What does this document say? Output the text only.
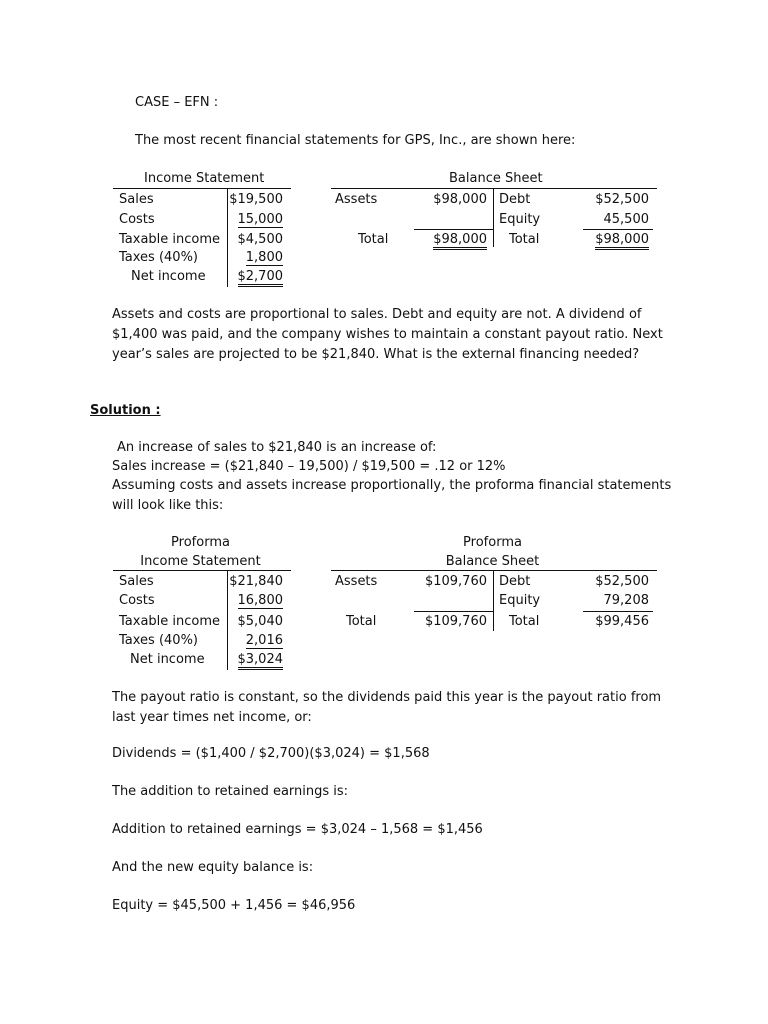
CASE – EFN :
The most recent financial statements for GPS, Inc., are shown here:
Income Statement
Sales	$19,500
Costs	15,000
Taxable income	$4,500
Taxes (40%)	1,800
Net income	$2,700
Balance Sheet
Assets	$98,000 Debt	$52,500
Equity	45,500
Total	$98,000 Total	$98,000
Assets and costs are proportional to sales. Debt and equity are not. A dividend of $1,400 was paid, and the company wishes to maintain a constant payout ratio. Next year’s sales are projected to be $21,840. What is the external financing needed?
Solution :
An increase of sales to $21,840 is an increase of:
Sales increase = ($21,840 – 19,500) / $19,500 = .12 or 12%
Assuming costs and assets increase proportionally, the proforma financial statements will look like this:
Proforma
Income Statement
Sales	$21,840
Costs	16,800
Taxable income	$5,040
Taxes (40%)	2,016
Net income	$3,024
Proforma
Balance Sheet
Assets	$109,760 Debt	$52,500
Equity	79,208
Total	$109,760 Total	$99,456
The payout ratio is constant, so the dividends paid this year is the payout ratio from last year times net income, or:
Dividends = ($1,400 / $2,700)($3,024) = $1,568
The addition to retained earnings is:
Addition to retained earnings = $3,024 – 1,568 = $1,456
And the new equity balance is:
Equity = $45,500 + 1,456 = $46,956
